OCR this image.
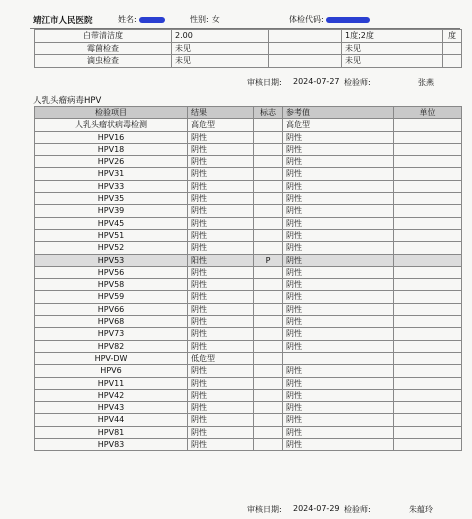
靖江市人民医院	姓名:	性别: 女	体检代码:
白带清洁度	2.00		1度;2度	度
霉菌检查	未见		未见	
滴虫检查	未见		未见	
审核日期: 2024-07-27 检验师:	张燕
人乳头瘤病毒HPV
检验项目	结果	标志	参考值	单位
人乳头瘤状病毒检测	高危型		高危型	
HPV16	阴性		阴性	
HPV18	阴性		阴性	
HPV26	阴性		阴性	
HPV31	阴性		阴性	
HPV33	阴性		阴性	
HPV35	阴性		阴性	
HPV39	阴性		阴性	
HPV45	阴性		阴性	
HPV51	阴性		阴性	
HPV52	阴性		阴性	
HPV53	阳性	P	阴性	
HPV56	阴性		阴性	
HPV58	阴性		阴性	
HPV59	阴性		阴性	
HPV66	阴性		阴性	
HPV68	阴性		阴性	
HPV73	阴性		阴性	
HPV82	阴性		阴性	
HPV-DW	低危型			
HPV6	阴性		阴性	
HPV11	阴性		阴性	
HPV42	阴性		阴性	
HPV43	阴性		阴性	
HPV44	阴性		阴性	
HPV81	阴性		阴性	
HPV83	阴性		阴性	
审核日期: 2024-07-29 检验师:	朱蕴玲
